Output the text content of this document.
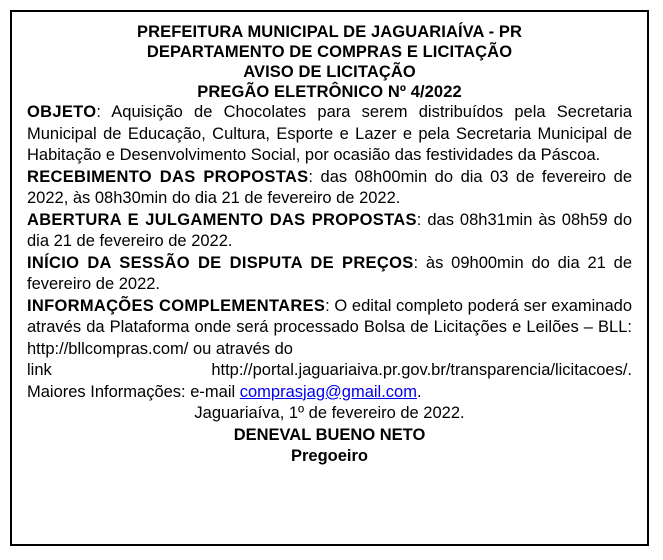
PREFEITURA MUNICIPAL DE JAGUARIAÍVA - PR
DEPARTAMENTO DE COMPRAS E LICITAÇÃO
AVISO DE LICITAÇÃO
PREGÃO ELETRÔNICO Nº 4/2022

OBJETO: Aquisição de Chocolates para serem distribuídos pela Secretaria Municipal de Educação, Cultura, Esporte e Lazer e pela Secretaria Municipal de Habitação e Desenvolvimento Social, por ocasião das festividades da Páscoa.

RECEBIMENTO DAS PROPOSTAS: das 08h00min do dia 03 de fevereiro de 2022, às 08h30min do dia 21 de fevereiro de 2022.

ABERTURA E JULGAMENTO DAS PROPOSTAS: das 08h31min às 08h59 do dia 21 de fevereiro de 2022.

INÍCIO DA SESSÃO DE DISPUTA DE PREÇOS: às 09h00min do dia 21 de fevereiro de 2022.

INFORMAÇÕES COMPLEMENTARES: O edital completo poderá ser examinado através da Plataforma onde será processado Bolsa de Licitações e Leilões – BLL: http://bllcompras.com/ ou através do

link	http://portal.jaguariaiva.pr.gov.br/transparencia/licitacoes/.

Maiores Informações: e-mail comprasjag@gmail.com.

Jaguariaíva, 1º de fevereiro de 2022.
DENEVAL BUENO NETO
Pregoeiro
